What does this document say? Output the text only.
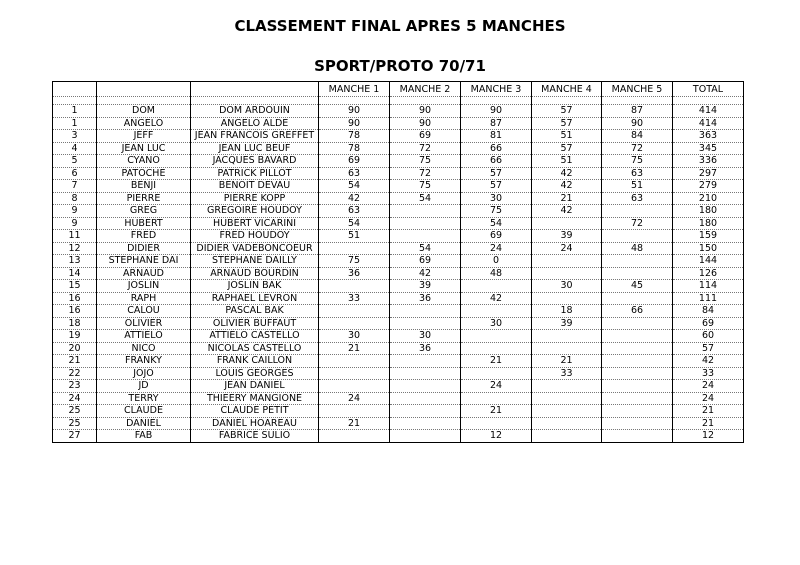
CLASSEMENT FINAL APRES 5 MANCHES
SPORT/PROTO 70/71
			MANCHE 1	MANCHE 2	MANCHE 3	MANCHE 4	MANCHE 5	TOTAL

1	DOM	DOM ARDOUIN	90	90	90	57	87	414
1	ANGELO	ANGELO ALDE	90	90	87	57	90	414
3	JEFF	JEAN FRANCOIS GREFFET	78	69	81	51	84	363
4	JEAN LUC	JEAN LUC BEUF	78	72	66	57	72	345
5	CYANO	JACQUES BAVARD	69	75	66	51	75	336
6	PATOCHE	PATRICK PILLOT	63	72	57	42	63	297
7	BENJI	BENOIT DEVAU	54	75	57	42	51	279
8	PIERRE	PIERRE KOPP	42	54	30	21	63	210
9	GREG	GREGOIRE HOUDOY	63		75	42		180
9	HUBERT	HUBERT VICARINI	54		54		72	180
11	FRED	FRED HOUDOY	51		69	39		159
12	DIDIER	DIDIER VADEBONCOEUR		54	24	24	48	150
13	STEPHANE DAI	STEPHANE DAILLY	75	69	0			144
14	ARNAUD	ARNAUD BOURDIN	36	42	48			126
15	JOSLIN	JOSLIN BAK		39		30	45	114
16	RAPH	RAPHAEL LEVRON	33	36	42			111
16	CALOU	PASCAL BAK				18	66	84
18	OLIVIER	OLIVIER BUFFAUT			30	39		69
19	ATTIELO	ATTIELO CASTELLO	30	30				60
20	NICO	NICOLAS CASTELLO	21	36				57
21	FRANKY	FRANK CAILLON			21	21		42
22	JOJO	LOUIS GEORGES				33		33
23	JD	JEAN DANIEL			24			24
24	TERRY	THIEERY MANGIONE	24					24
25	CLAUDE	CLAUDE PETIT			21			21
25	DANIEL	DANIEL HOAREAU	21					21
27	FAB	FABRICE SULIO			12			12
